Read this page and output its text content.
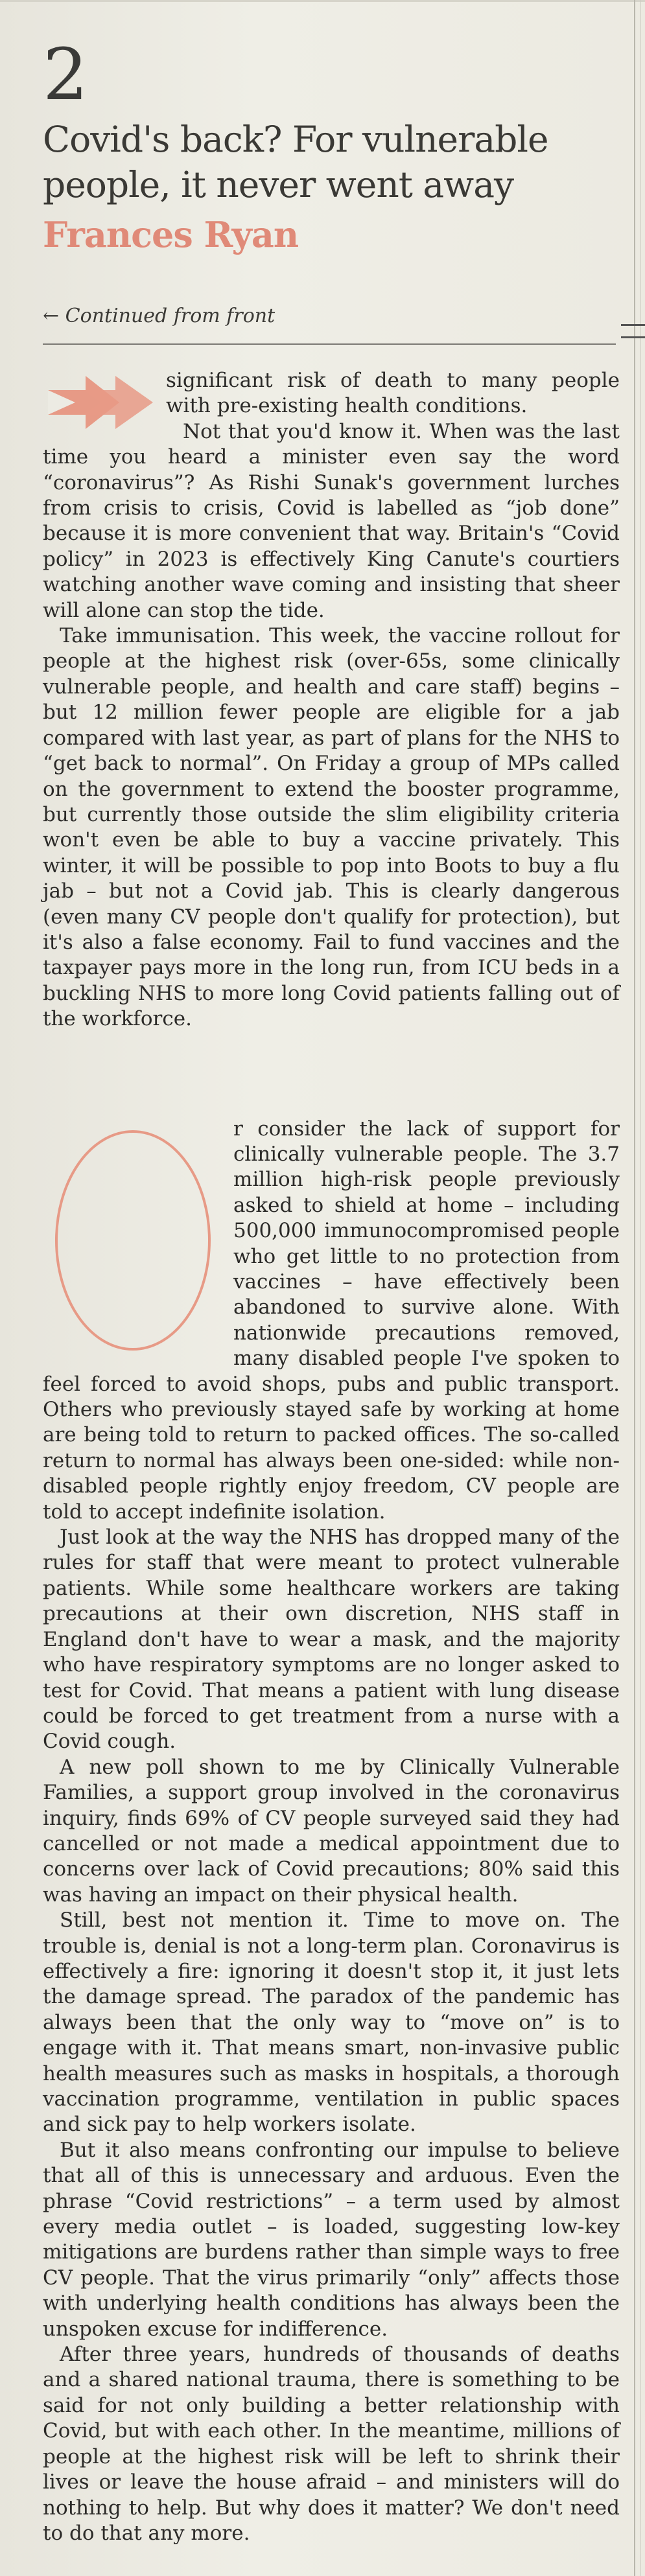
2
Covid's back? For vulnerable people, it never went away
Frances Ryan
← Continued from front

significant risk of death to many people with pre-existing health conditions.

Not that you'd know it. When was the last time you heard a minister even say the word “coronavirus”? As Rishi Sunak's government lurches from crisis to crisis, Covid is labelled as “job done” because it is more convenient that way. Britain's “Covid policy” in 2023 is effectively King Canute's courtiers watching another wave coming and insisting that sheer will alone can stop the tide.

Take immunisation. This week, the vaccine rollout for people at the highest risk (over-65s, some clinically vulnerable people, and health and care staff) begins – but 12 million fewer people are eligible for a jab compared with last year, as part of plans for the NHS to “get back to normal”. On Friday a group of MPs called on the government to extend the booster programme, but currently those outside the slim eligibility criteria won't even be able to buy a vaccine privately. This winter, it will be possible to pop into Boots to buy a flu jab – but not a Covid jab. This is clearly dangerous (even many CV people don't qualify for protection), but it's also a false economy. Fail to fund vaccines and the taxpayer pays more in the long run, from ICU beds in a buckling NHS to more long Covid patients falling out of the workforce.

r consider the lack of support for clinically vulnerable people. The 3.7 million high-risk people previously asked to shield at home – including 500,000 immunocompromised people who get little to no protection from vaccines – have effectively been abandoned to survive alone. With nationwide precautions removed, many disabled people I've spoken to feel forced to avoid shops, pubs and public transport. Others who previously stayed safe by working at home are being told to return to packed offices. The so-called return to normal has always been one-sided: while non-disabled people rightly enjoy freedom, CV people are told to accept indefinite isolation.

Just look at the way the NHS has dropped many of the rules for staff that were meant to protect vulnerable patients. While some healthcare workers are taking precautions at their own discretion, NHS staff in England don't have to wear a mask, and the majority who have respiratory symptoms are no longer asked to test for Covid. That means a patient with lung disease could be forced to get treatment from a nurse with a Covid cough.

A new poll shown to me by Clinically Vulnerable Families, a support group involved in the coronavirus inquiry, finds 69% of CV people surveyed said they had cancelled or not made a medical appointment due to concerns over lack of Covid precautions; 80% said this was having an impact on their physical health.

Still, best not mention it. Time to move on. The trouble is, denial is not a long-term plan. Coronavirus is effectively a fire: ignoring it doesn't stop it, it just lets the damage spread. The paradox of the pandemic has always been that the only way to “move on” is to engage with it. That means smart, non-invasive public health measures such as masks in hospitals, a thorough vaccination programme, ventilation in public spaces and sick pay to help workers isolate.

But it also means confronting our impulse to believe that all of this is unnecessary and arduous. Even the phrase “Covid restrictions” – a term used by almost every media outlet – is loaded, suggesting low-key mitigations are burdens rather than simple ways to free CV people. That the virus primarily “only” affects those with underlying health conditions has always been the unspoken excuse for indifference.

After three years, hundreds of thousands of deaths and a shared national trauma, there is something to be said for not only building a better relationship with Covid, but with each other. In the meantime, millions of people at the highest risk will be left to shrink their lives or leave the house afraid – and ministers will do nothing to help. But why does it matter? We don't need to do that any more.
